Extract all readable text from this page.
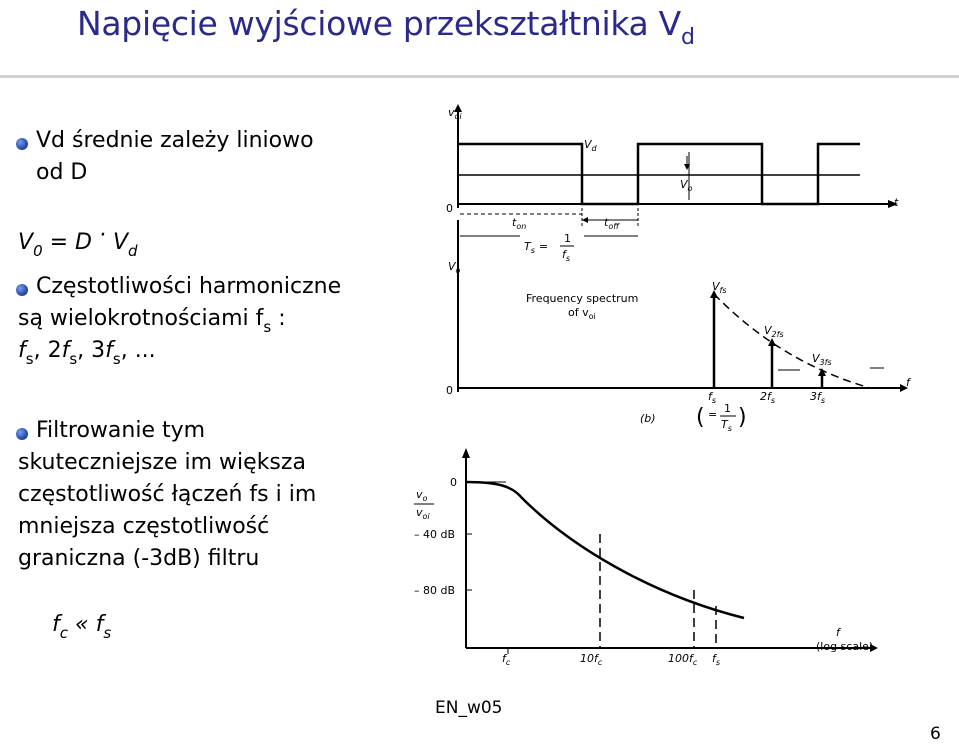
Napięcie wyjściowe przekształtnika $V_d$
Vd średnie zależy liniowo
od D
$V_0 = D \cdot V_d$
Częstotliwości harmoniczne
są wielokrotnościami $f_s$ :
$f_s$, $2f_s$, $3f_s$, ...
Filtrowanie tym
skuteczniejsze im większa
częstotliwość łączeń fs i im
mniejsza częstotliwość
graniczna (-3dB) filtru
$f_c$ « $f_s$
$v_{oi}$
0	t
$V_d$
$V_o$
$t_{on}$	$t_{off}$
$T_s$ =
1
$f_s$
$V_o$
Frequency spectrum
of $v_{oi}$
0
f
$V_{fs}$
$V_{2fs}$
$V_{3fs}$
$f_s$	$2f_s$	$3f_s$
( = 1
$T_s$ )
(b)
0
$v_o$
$v_{oi}$
– 40 dB
– 80 dB
$f_c$	$10f_c$	$100f_c$ $f_s$
f
(log scale)
EN_w05
6
